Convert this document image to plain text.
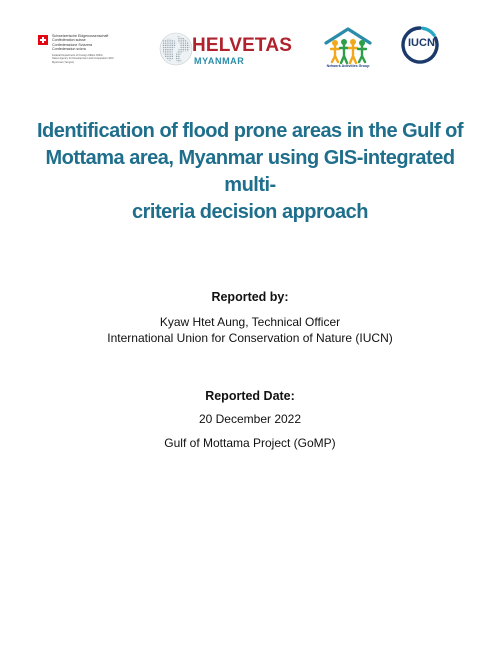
Schweizerische Eidgenossenschaft
Confédération suisse
Confederazione Svizzera
Confederaziun svizra
Federal Department of Foreign Affairs FDFA
Swiss Agency for Development and Cooperation SDC
Myanmar (Yangon)
HELVETAS
MYANMAR	Network Activities Group
IUCN
Identification of flood prone areas in the Gulf of
Mottama area, Myanmar using GIS-integrated multi-
criteria decision approach
Reported by:
Kyaw Htet Aung, Technical Officer
International Union for Conservation of Nature (IUCN)
Reported Date:
20 December 2022
Gulf of Mottama Project (GoMP)
